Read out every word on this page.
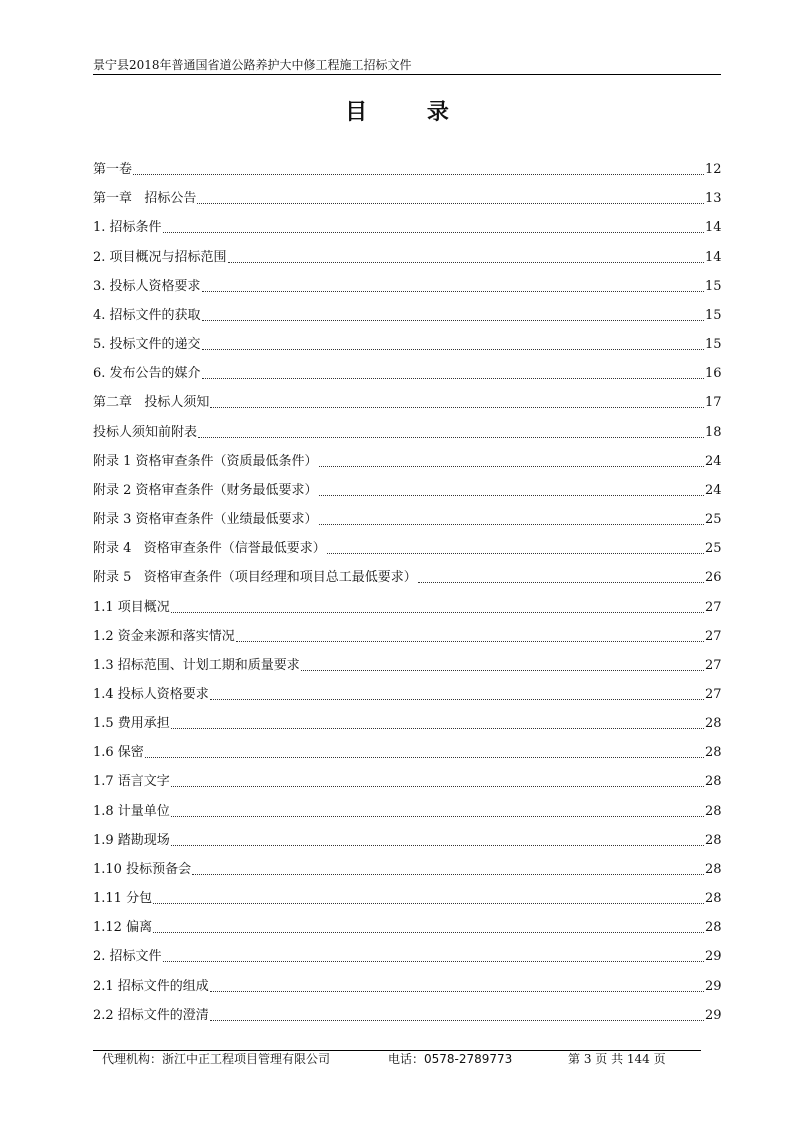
景宁县2018年普通国省道公路养护大中修工程施工招标文件
目 录
第一卷	12
第一章   招标公告	13
1. 招标条件	14
2. 项目概况与招标范围	14
3. 投标人资格要求	15
4. 招标文件的获取	15
5. 投标文件的递交	15
6. 发布公告的媒介	16
第二章   投标人须知	17
投标人须知前附表	18
附录 1 资格审查条件（资质最低条件）	24
附录 2 资格审查条件（财务最低要求）	24
附录 3 资格审查条件（业绩最低要求）	25
附录 4   资格审查条件（信誉最低要求）	25
附录 5   资格审查条件（项目经理和项目总工最低要求）	26
1.1 项目概况	27
1.2 资金来源和落实情况	27
1.3 招标范围、计划工期和质量要求	27
1.4 投标人资格要求	27
1.5 费用承担	28
1.6 保密	28
1.7 语言文字	28
1.8 计量单位	28
1.9 踏勘现场	28
1.10 投标预备会	28
1.11 分包	28
1.12 偏离	28
2. 招标文件	29
2.1 招标文件的组成	29
2.2 招标文件的澄清	29
代理机构：浙江中正工程项目管理有限公司	电话：0578-2789773	第 3 页 共 144 页
